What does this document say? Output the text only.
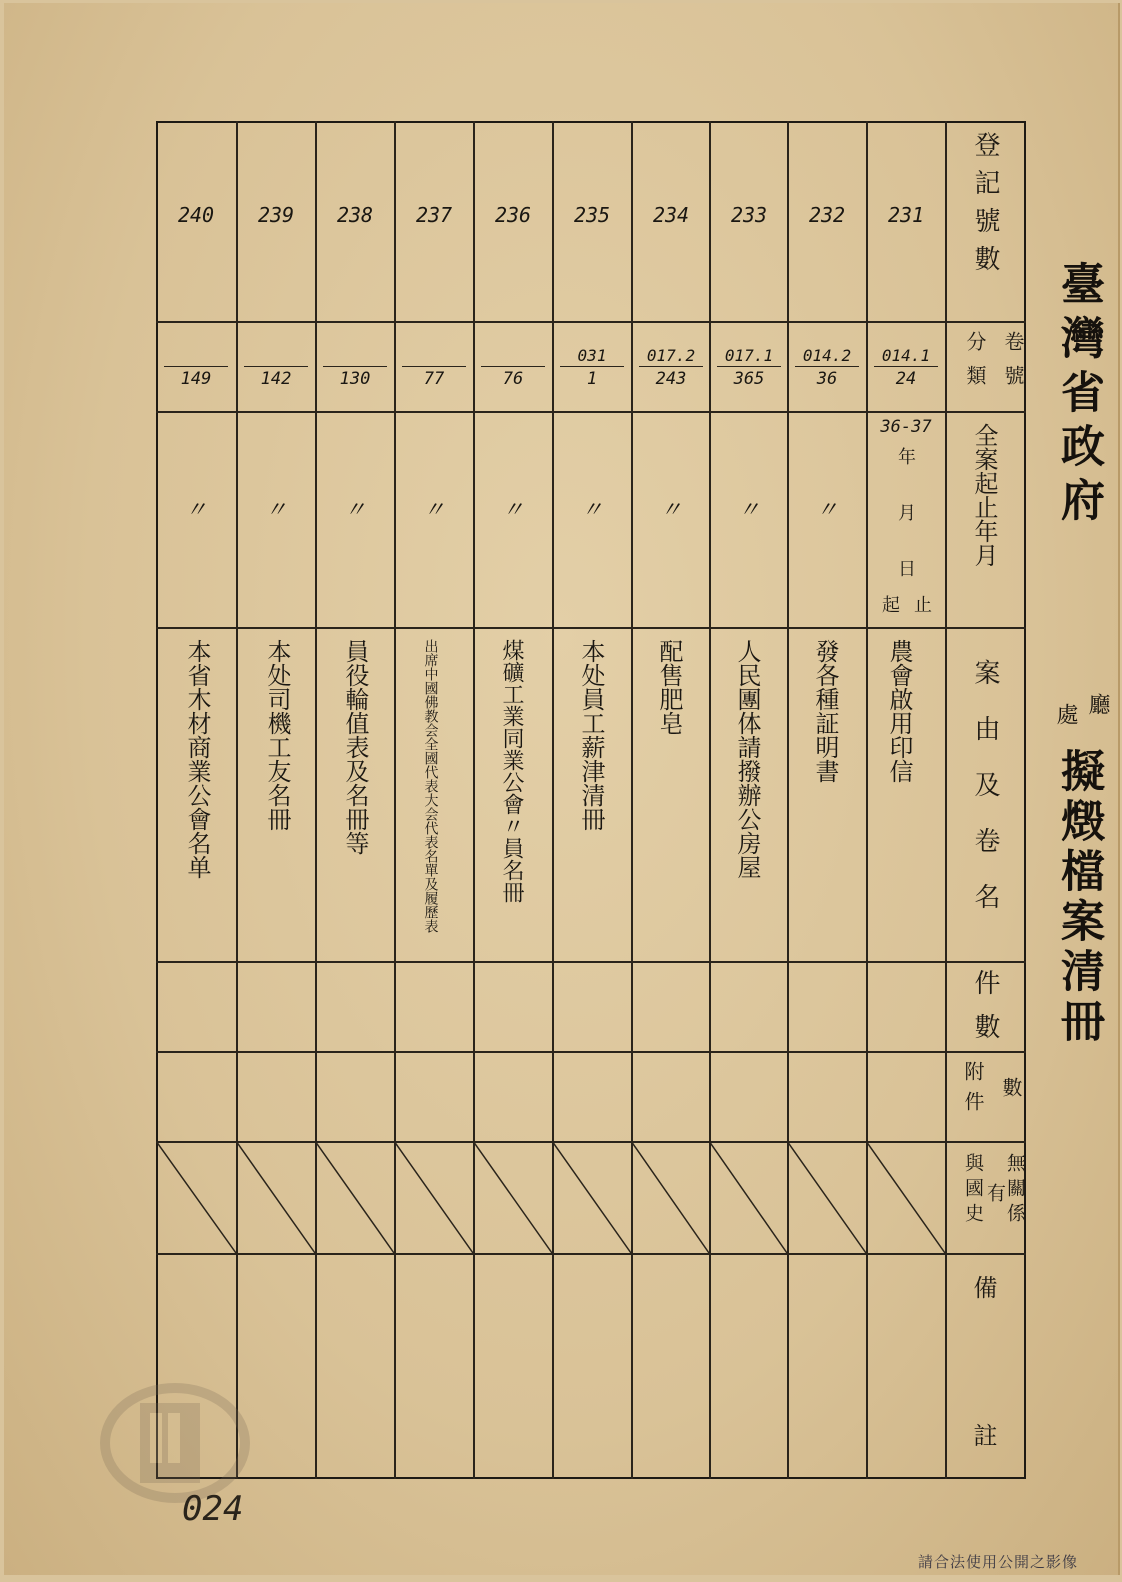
臺灣省政府
廳
處
擬燬檔案清冊
登記號數
卷
號
分
類
全案起止年月
年
月
日
起 止
案由及卷名
件數
附件 數
無關係
有
與國史
備
註
231
014.1
24
36-37
農會啟用印信
232
014.2
36
〃
發各種証明書
233
017.1
365
〃
人民團体請撥辦公房屋
234
017.2
243
〃
配售肥皂
235
031
1
〃
本处員工薪津清冊
236
76
〃
煤礦工業同業公會〃員名冊
237
77
〃
出席中國佛教会全國代表大会代表名單及履歷表
238
130
〃
員役輪值表及名冊等
239
142
〃
本处司機工友名冊
240
149
〃
本省木材商業公會名单
024
請合法使用公開之影像
